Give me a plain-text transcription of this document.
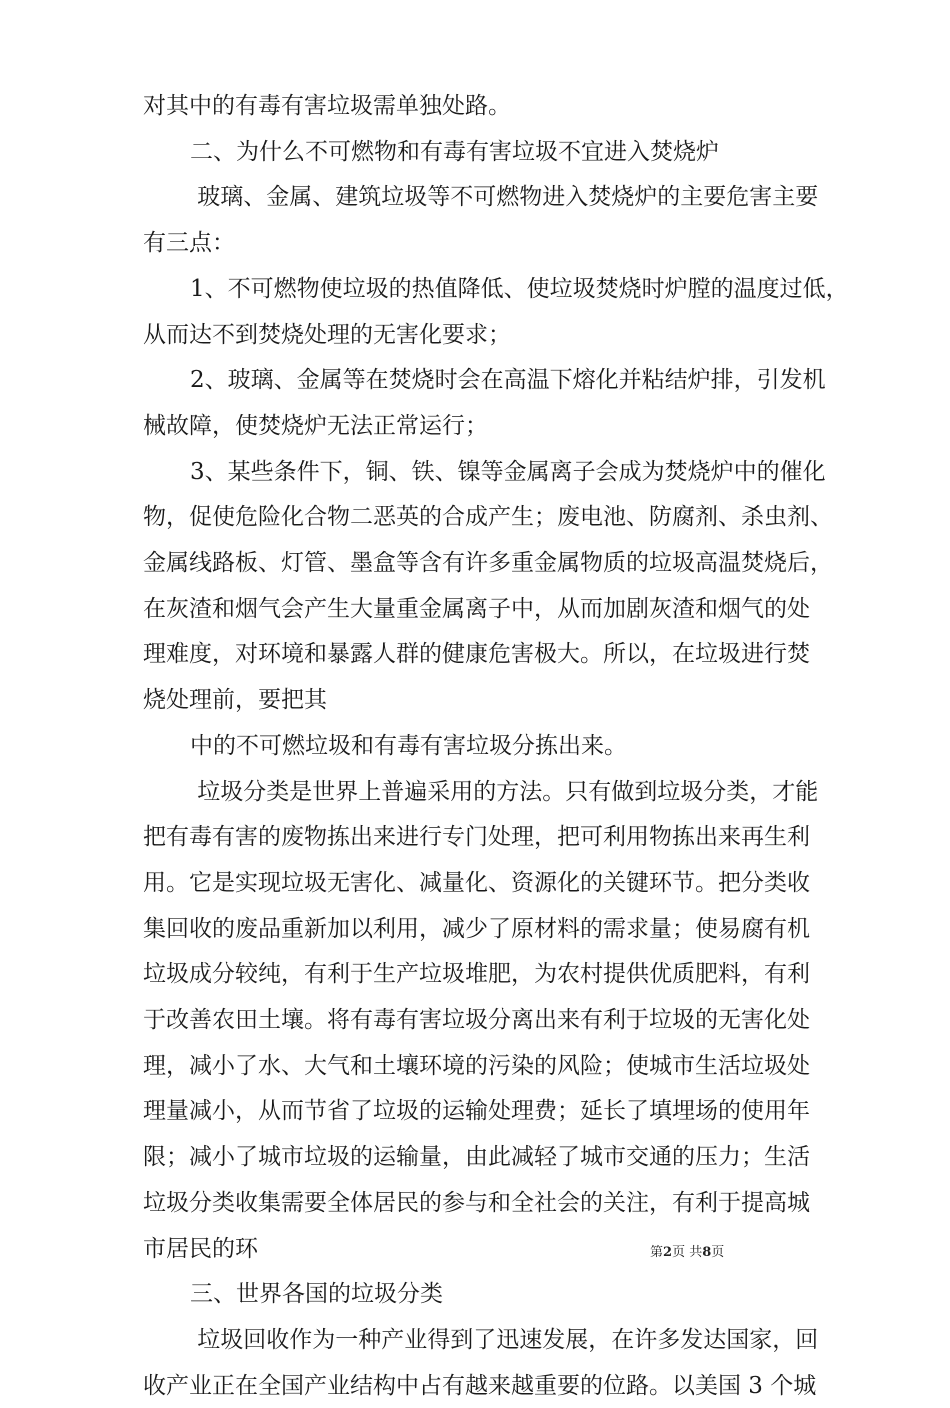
对其中的有毒有害垃圾需单独处路。
二、为什么不可燃物和有毒有害垃圾不宜进入焚烧炉
玻璃、金属、建筑垃圾等不可燃物进入焚烧炉的主要危害主要
有三点：
1、不可燃物使垃圾的热值降低、使垃圾焚烧时炉膛的温度过低，
从而达不到焚烧处理的无害化要求；
2、玻璃、金属等在焚烧时会在高温下熔化并粘结炉排，引发机
械故障，使焚烧炉无法正常运行；
3、某些条件下，铜、铁、镍等金属离子会成为焚烧炉中的催化
物，促使危险化合物二恶英的合成产生；废电池、防腐剂、杀虫剂、
金属线路板、灯管、墨盒等含有许多重金属物质的垃圾高温焚烧后，
在灰渣和烟气会产生大量重金属离子中，从而加剧灰渣和烟气的处
理难度，对环境和暴露人群的健康危害极大。所以，在垃圾进行焚
烧处理前，要把其
中的不可燃垃圾和有毒有害垃圾分拣出来。
垃圾分类是世界上普遍采用的方法。只有做到垃圾分类，才能
把有毒有害的废物拣出来进行专门处理，把可利用物拣出来再生利
用。它是实现垃圾无害化、减量化、资源化的关键环节。把分类收
集回收的废品重新加以利用，减少了原材料的需求量；使易腐有机
垃圾成分较纯，有利于生产垃圾堆肥，为农村提供优质肥料，有利
于改善农田土壤。将有毒有害垃圾分离出来有利于垃圾的无害化处
理，减小了水、大气和土壤环境的污染的风险；使城市生活垃圾处
理量减小，从而节省了垃圾的运输处理费；延长了填埋场的使用年
限；减小了城市垃圾的运输量，由此减轻了城市交通的压力；生活
垃圾分类收集需要全体居民的参与和全社会的关注，有利于提高城
市居民的环
三、世界各国的垃圾分类
垃圾回收作为一种产业得到了迅速发展，在许多发达国家，回
收产业正在全国产业结构中占有越来越重要的位路。以美国 3 个城
第2页 共8页
